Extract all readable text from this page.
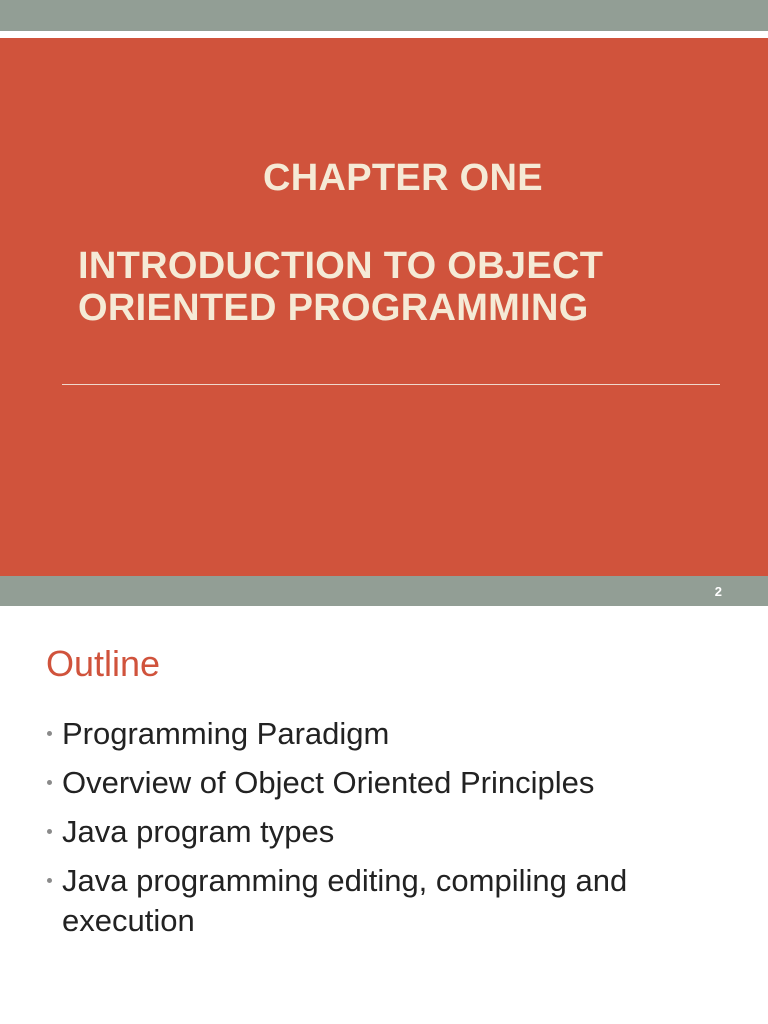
CHAPTER ONE
INTRODUCTION TO OBJECT
ORIENTED PROGRAMMING
2
Outline
Programming Paradigm
Overview of Object Oriented Principles
Java program types
Java programming editing, compiling and execution
